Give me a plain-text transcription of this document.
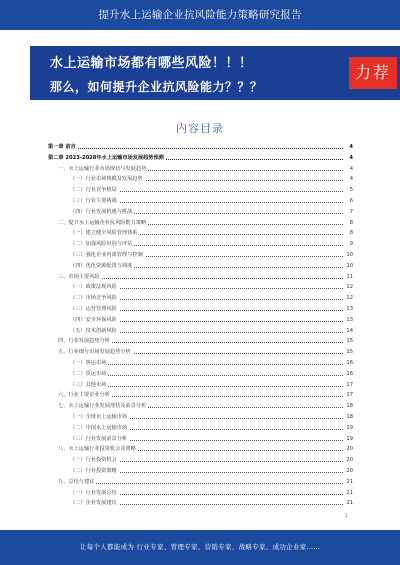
提升水上运输企业抗风险能力策略研究报告
水上运输市场都有哪些风险！！！
那么，如何提升企业抗风险能力？？？
力荐
内容目录
第一章 前言	4
第二章 2023-2028年水上运输市场发展趋势预测	4
一、水上运输行业市场现状与发展趋势	4
（一）行业市场规模及发展趋势	4
（二）行业竞争格局	5
（三）行业主要挑战	6
（四）行业发展机遇与挑战	7
二、提升水上运输企业抗风险能力策略	8
（一）建立健全风险管理体系	8
（二）加强风险识别与评估	9
（三）强化企业内部管理与控制	10
（四）优化资源配置与调度	10
三、市场主要风险	11
（一）政策法规风险	12
（二）市场竞争风险	12
（三）运营管理风险	13
（四）安全环保风险	13
（五）技术创新风险	14
四、行业发展趋势分析	15
五、行业细分市场发展趋势分析	15
（一）客运市场	16
（二）货运市场	16
（三）其他市场	17
六、行业主要企业分析	17
七、水上运输行业发展现状及前景分析	18
（一）全球水上运输市场	18
（二）中国水上运输市场	19
（三）行业发展前景分析	19
八、水上运输行业投资机会及策略	20
（一）行业投资机会	20
（二）行业投资策略	20
九、总结与建议	21
（一）行业发展总结	21
（二）企业发展建议	21
1
让每个人都能成为 行业专家、管理专家、营销专家、战略专家、成功企业家……
